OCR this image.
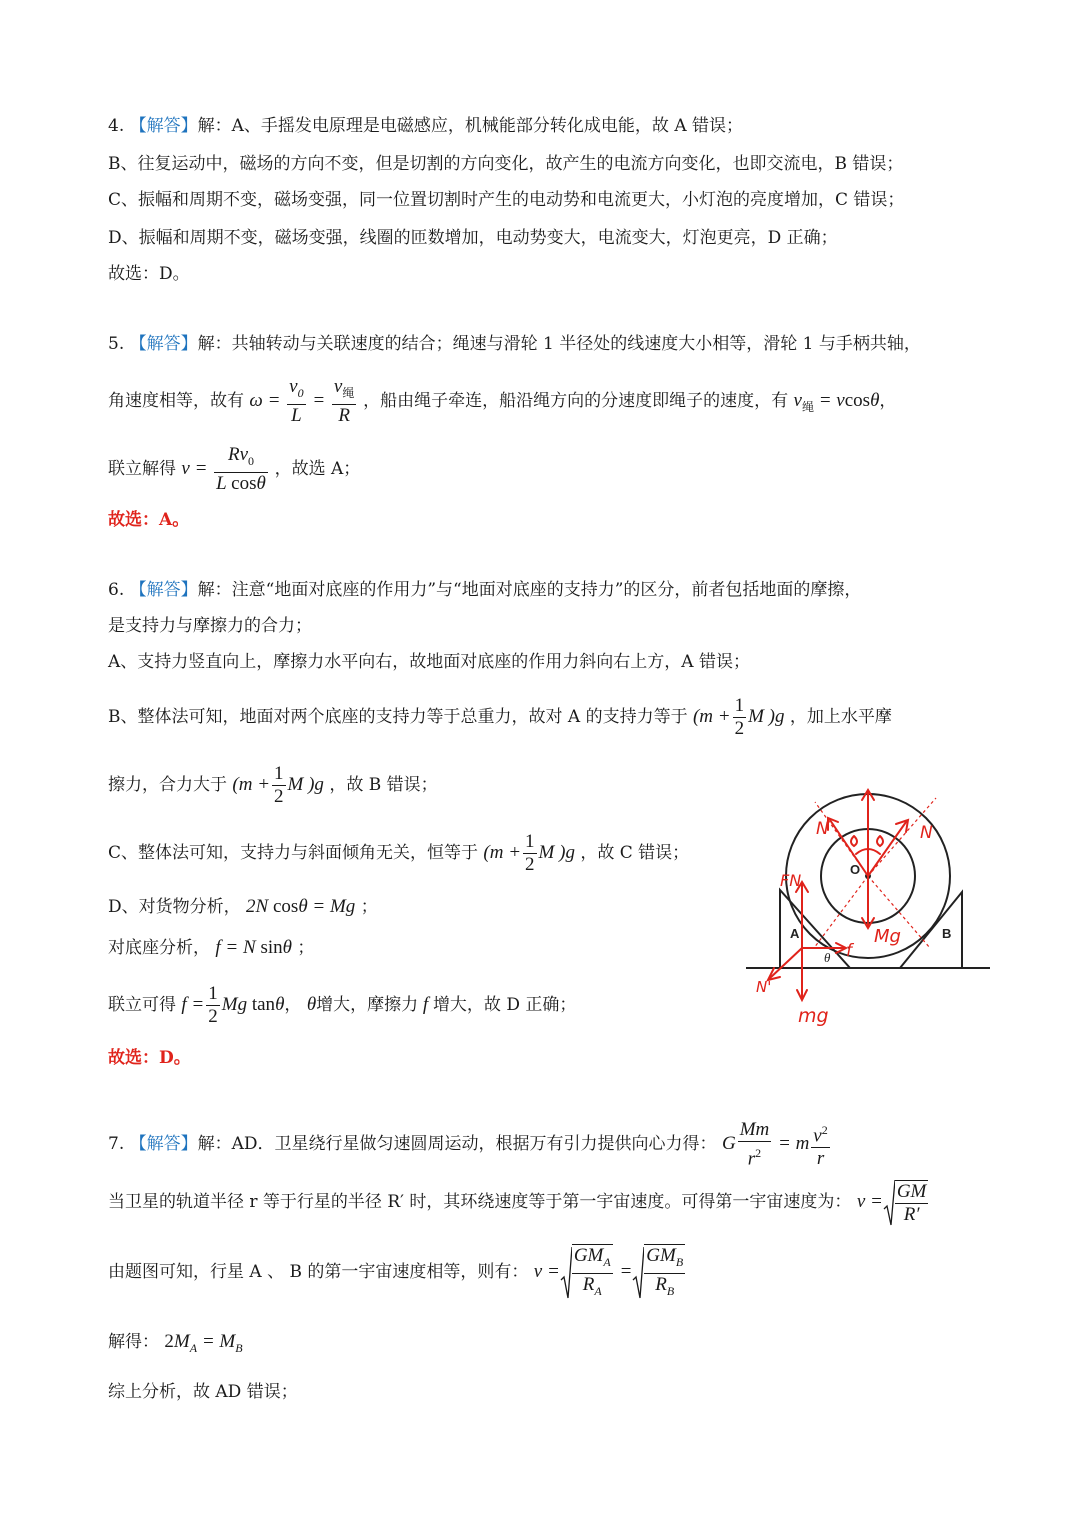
4. 【解答】解：A、手摇发电原理是电磁感应，机械能部分转化成电能，故 A 错误；
B、往复运动中，磁场的方向不变，但是切割的方向变化，故产生的电流方向变化，也即交流电，B 错误；
C、振幅和周期不变，磁场变强，同一位置切割时产生的电动势和电流更大，小灯泡的亮度增加，C 错误；
D、振幅和周期不变，磁场变强，线圈的匝数增加，电动势变大，电流变大，灯泡更亮，D 正确；
故选：D。
5. 【解答】解：共轴转动与关联速度的结合；绳速与滑轮 1 半径处的线速度大小相等，滑轮 1 与手柄共轴，
角速度相等，故有 $\omega = \frac{v_0}{L} = \frac{v_绳}{R}$ ，船由绳子牵连，船沿绳方向的分速度即绳子的速度，有 $v_绳 = vcos\theta$，
联立解得 $v = \frac{Rv_0}{\text{L cosθ}}$ ，故选 A；
故选：A。
6. 【解答】解：注意“地面对底座的作用力”与“地面对底座的支持力”的区分，前者包括地面的摩擦，
是支持力与摩擦力的合力；
A、支持力竖直向上，摩擦力水平向右，故地面对底座的作用力斜向右上方，A 错误；
B、整体法可知，地面对两个底座的支持力等于总重力，故对 A 的支持力等于 ($m + \frac{1}{2}$ M )g ，加上水平摩
擦力，合力大于 ($m + \frac{1}{2}$ M )g ，故 B 错误；
C、整体法可知，支持力与斜面倾角无关，恒等于 ($m + \frac{1}{2}$ M )g ，故 C 错误；
D、对货物分析， 2N cosθ = Mg ；
对底座分析， f = N sinθ ；
联立可得 $f = \frac{1}{2}$ Mg tanθ， θ增大，摩擦力 f 增大，故 D 正确；
故选：D。
O
A	B
θ
Mg
N	N
FN
f
N'
mg
7. 【解答】解：AD．卫星绕行星做匀速圆周运动，根据万有引力提供向心力得： G $\frac{Mm}{r^2} = m \frac{v^2}{r}$
当卫星的轨道半径 r 等于行星的半径 R′ 时，其环绕速度等于第一宇宙速度。可得第一宇宙速度为： $v = \frac{GM}{R'}$
由题图可知，行星 A 、 B 的第一宇宙速度相等，则有： $v = \frac{GM_A}{R_A} = \frac{GM_B}{R_B}$
解得： $2M_A = M_B$
综上分析，故 AD 错误；
